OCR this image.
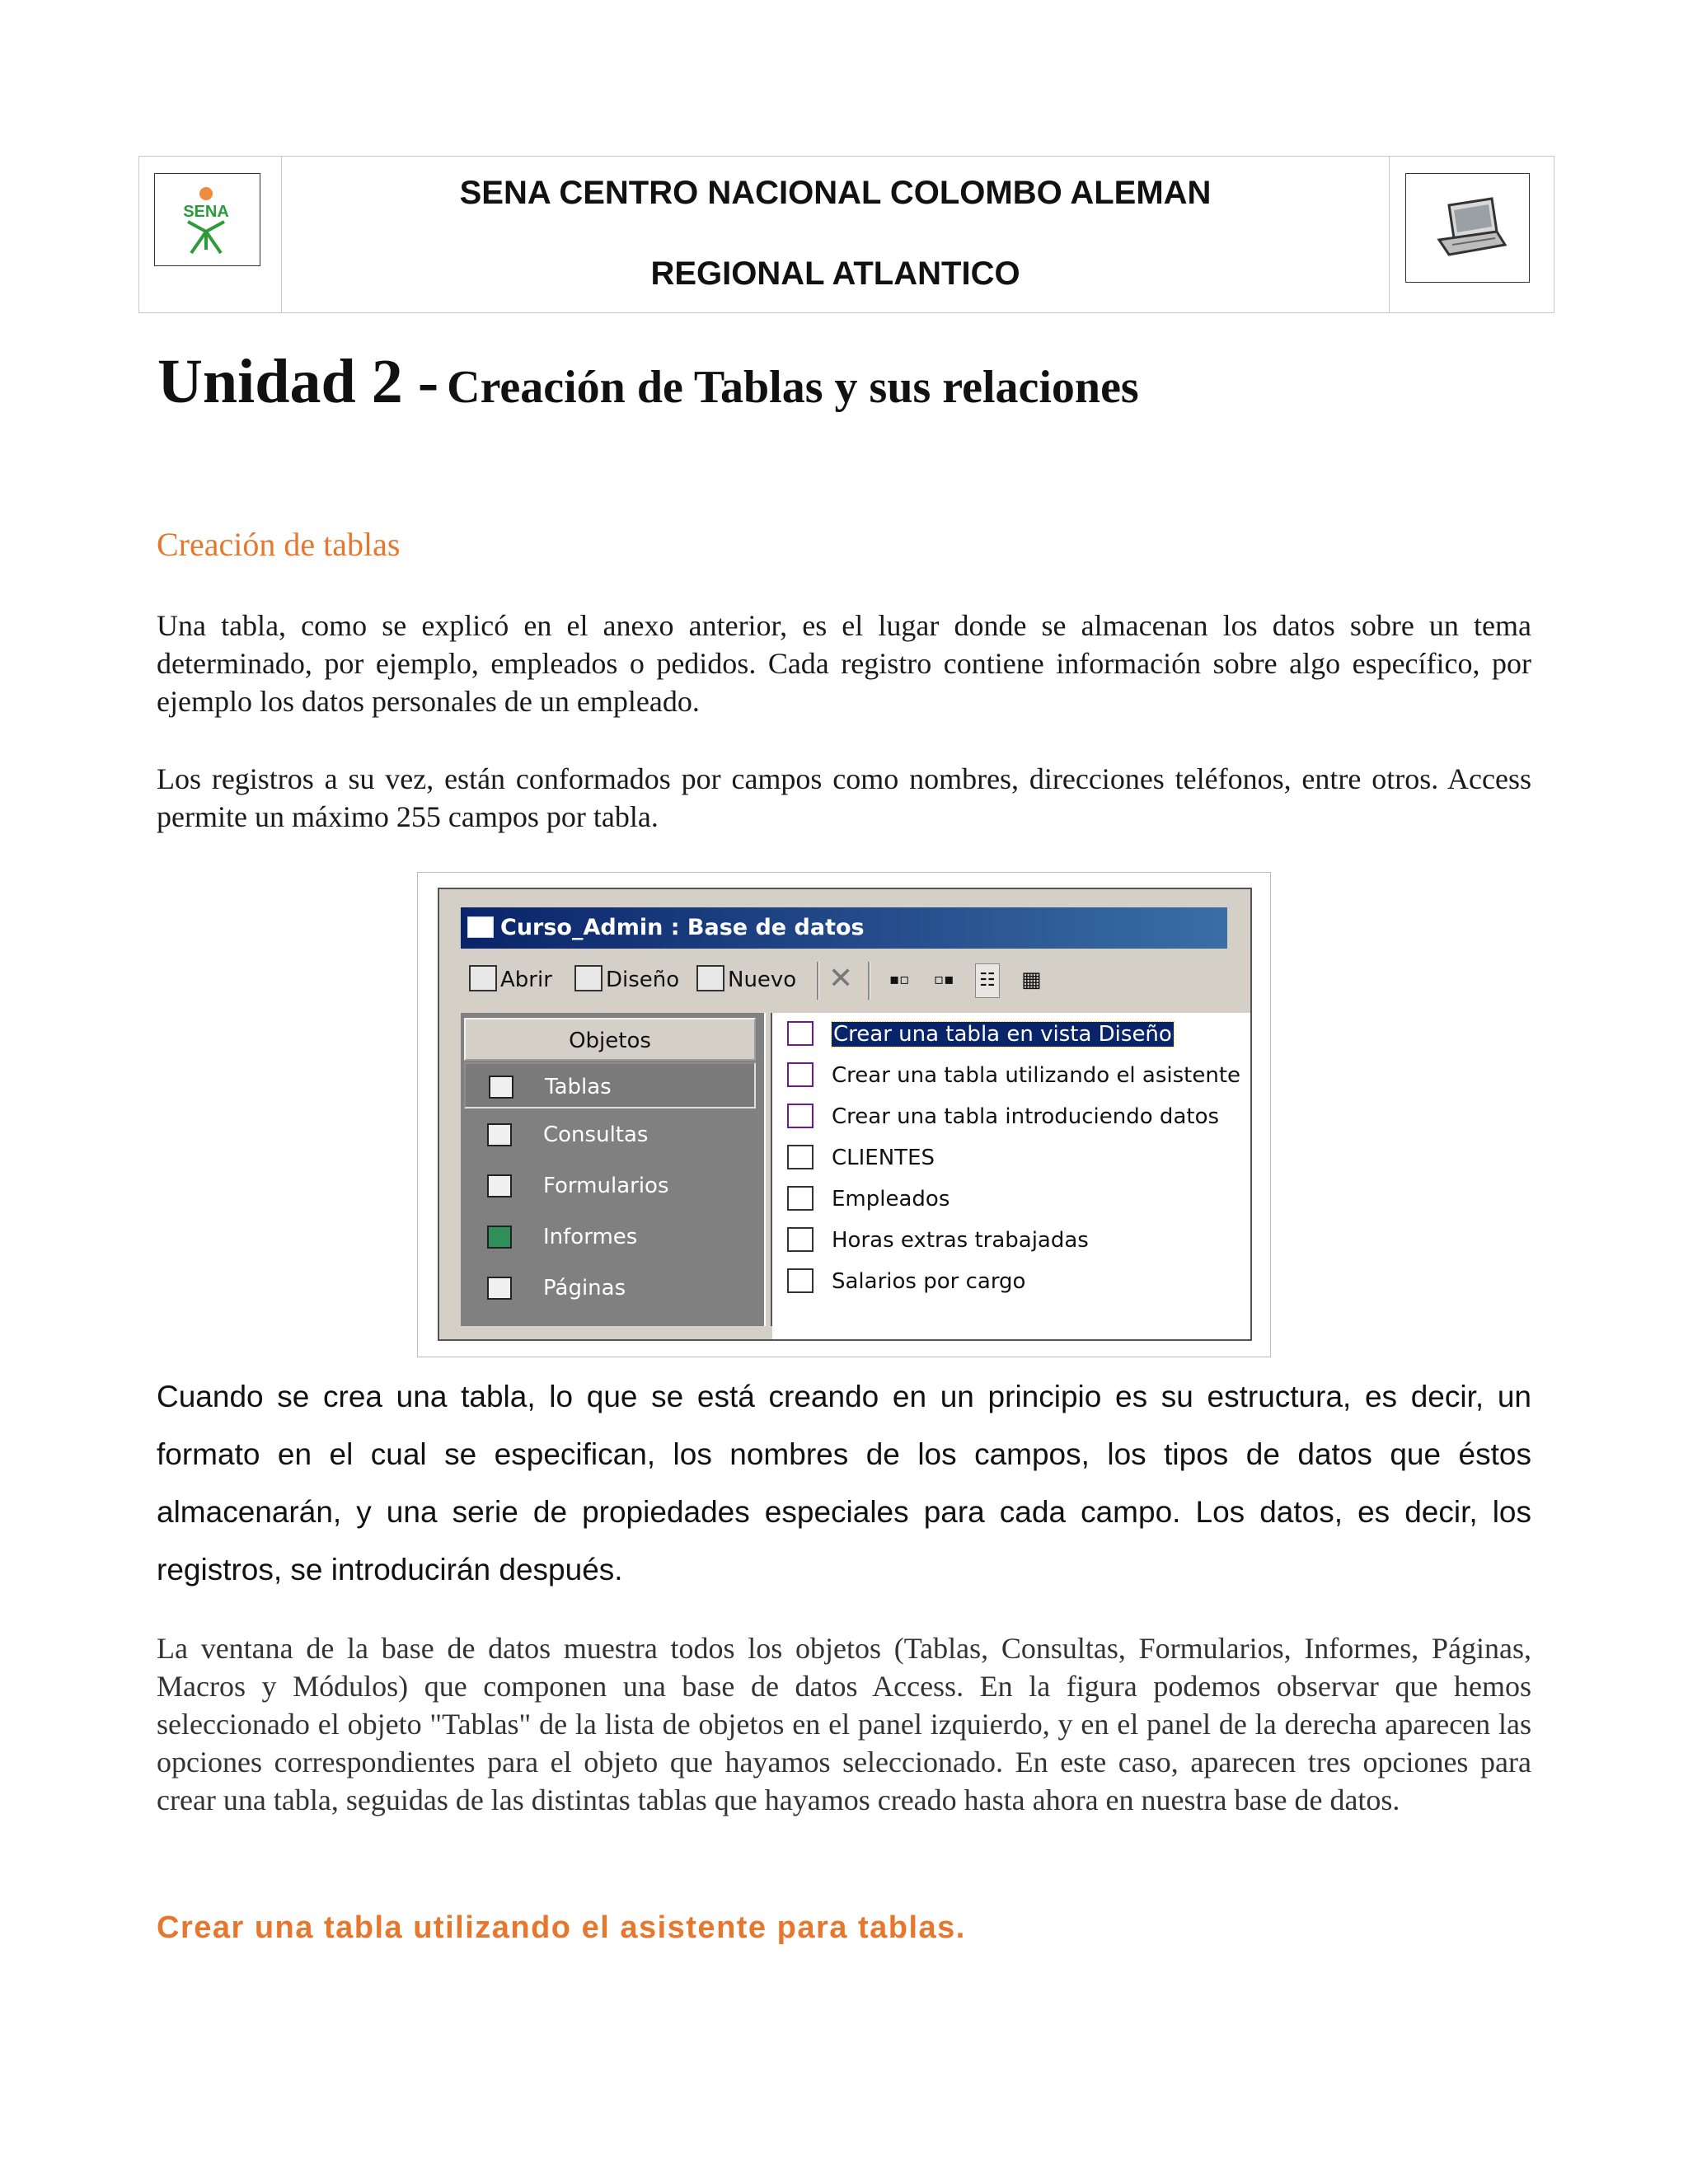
SENA
SENA CENTRO NACIONAL COLOMBO ALEMAN
REGIONAL ATLANTICO
Unidad 2 - Creación de Tablas y sus relaciones
Creación de tablas
Una tabla, como se explicó en el anexo anterior, es el lugar donde se almacenan los datos sobre un tema determinado, por ejemplo, empleados o pedidos. Cada registro contiene información sobre algo específico, por ejemplo los datos personales de un empleado.
Los registros a su vez, están conformados por campos como nombres, direcciones teléfonos, entre otros. Access permite un máximo 255 campos por tabla.
Curso_Admin : Base de datos
Abrir	Diseño	Nuevo ✕ ▪▫ ▫▪ ☷ ▦
Objetos
Tablas
Consultas
Formularios
Informes
Páginas
Crear una tabla en vista Diseño
Crear una tabla utilizando el asistente
Crear una tabla introduciendo datos
CLIENTES
Empleados
Horas extras trabajadas
Salarios por cargo
Cuando se crea una tabla, lo que se está creando en un principio es su estructura, es decir, un formato en el cual se especifican, los nombres de los campos, los tipos de datos que éstos almacenarán, y una serie de propiedades especiales para cada campo. Los datos, es decir, los registros, se introducirán después.
La ventana de la base de datos muestra todos los objetos (Tablas, Consultas, Formularios, Informes, Páginas, Macros y Módulos) que componen una base de datos Access. En la figura podemos observar que hemos seleccionado el objeto "Tablas" de la lista de objetos en el panel izquierdo, y en el panel de la derecha aparecen las opciones correspondientes para el objeto que hayamos seleccionado. En este caso, aparecen tres opciones para crear una tabla, seguidas de las distintas tablas que hayamos creado hasta ahora en nuestra base de datos.
Crear una tabla utilizando el asistente para tablas.
